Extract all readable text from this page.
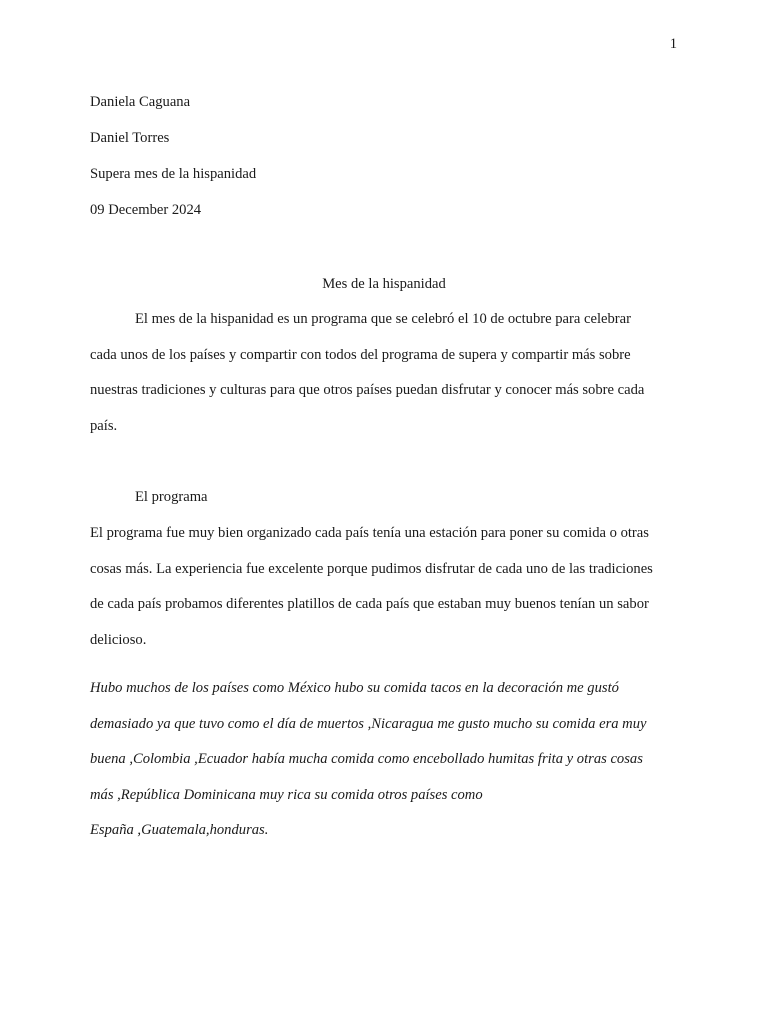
1
Daniela Caguana
Daniel Torres
Supera mes de la hispanidad
09 December 2024
Mes de la hispanidad

El mes de la hispanidad es un programa que se celebró el 10 de octubre para celebrar
cada unos de los países y compartir con todos del programa de supera y compartir más sobre
nuestras tradiciones y culturas para que otros países puedan disfrutar y conocer más sobre cada
país.

El programa

El programa fue muy bien organizado cada país tenía una estación para poner su comida o otras
cosas más. La experiencia fue excelente porque pudimos disfrutar de cada uno de las tradiciones
de cada país probamos diferentes platillos de cada país que estaban muy buenos tenían un sabor
delicioso.

Hubo muchos de los países como México hubo su comida tacos en la decoración me gustó
demasiado ya que tuvo como el día de muertos ,Nicaragua me gusto mucho su comida era muy
buena ,Colombia ,Ecuador había mucha comida como encebollado humitas frita y otras cosas
más ,República Dominicana muy rica su comida otros países como
España ,Guatemala,honduras.
